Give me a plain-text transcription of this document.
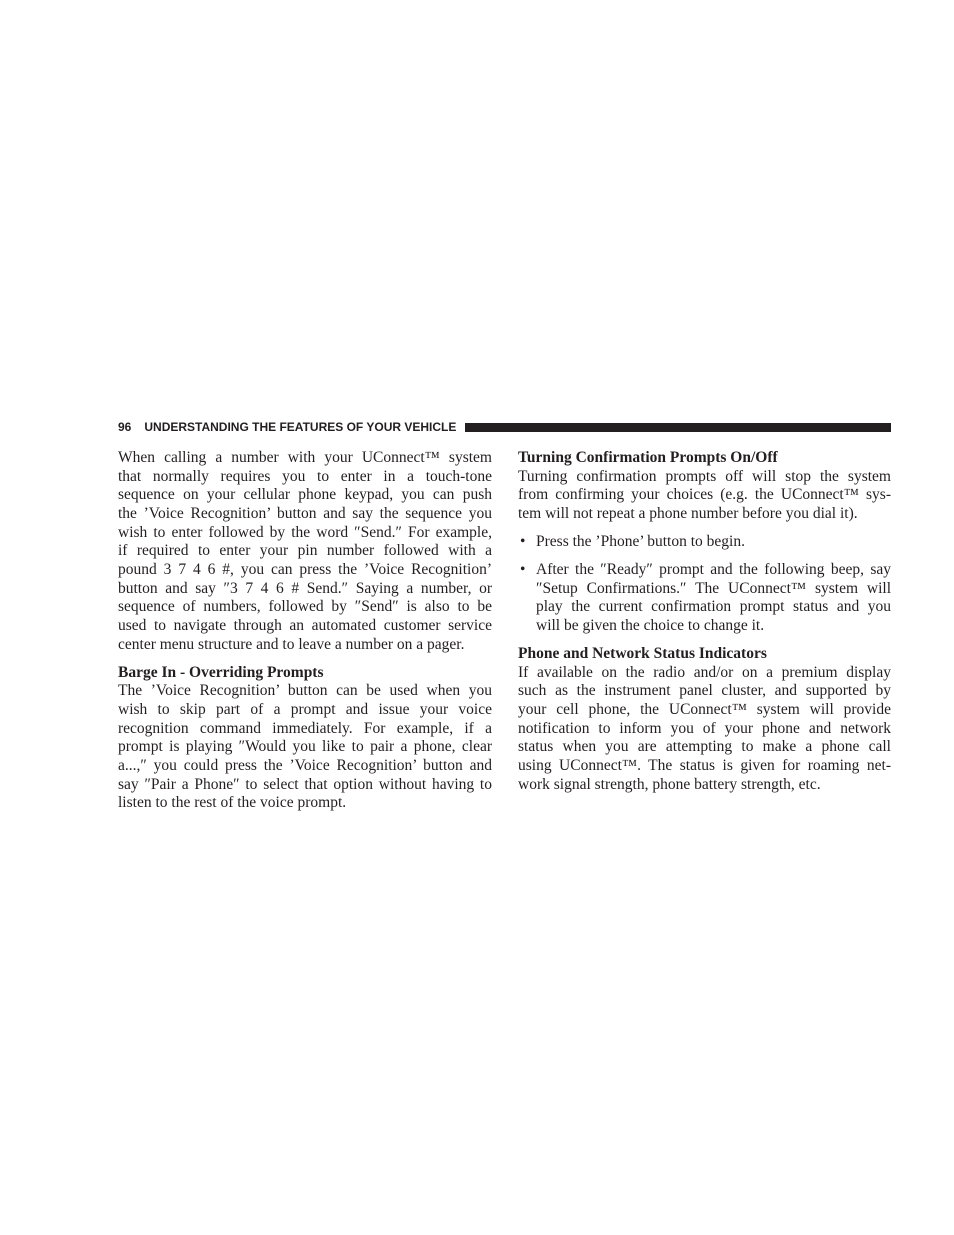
96 UNDERSTANDING THE FEATURES OF YOUR VEHICLE
When calling a number with your UConnect™ system
that normally requires you to enter in a touch-tone
sequence on your cellular phone keypad, you can push
the ’Voice Recognition’ button and say the sequence you
wish to enter followed by the word ″Send.″ For example,
if required to enter your pin number followed with a
pound 3 7 4 6 #, you can press the ’Voice Recognition’
button and say ″3 7 4 6 # Send.″ Saying a number, or
sequence of numbers, followed by ″Send″ is also to be
used to navigate through an automated customer service
center menu structure and to leave a number on a pager.
Barge In - Overriding Prompts
The ’Voice Recognition’ button can be used when you
wish to skip part of a prompt and issue your voice
recognition command immediately. For example, if a
prompt is playing ″Would you like to pair a phone, clear
a...,″ you could press the ’Voice Recognition’ button and
say ″Pair a Phone″ to select that option without having to
listen to the rest of the voice prompt.
Turning Confirmation Prompts On/Off
Turning confirmation prompts off will stop the system
from confirming your choices (e.g. the UConnect™ sys-
tem will not repeat a phone number before you dial it).
•
Press the ’Phone’ button to begin.
•
After the ″Ready″ prompt and the following beep, say
″Setup Confirmations.″ The UConnect™ system will
play the current confirmation prompt status and you
will be given the choice to change it.
Phone and Network Status Indicators
If available on the radio and/or on a premium display
such as the instrument panel cluster, and supported by
your cell phone, the UConnect™ system will provide
notification to inform you of your phone and network
status when you are attempting to make a phone call
using UConnect™. The status is given for roaming net-
work signal strength, phone battery strength, etc.
